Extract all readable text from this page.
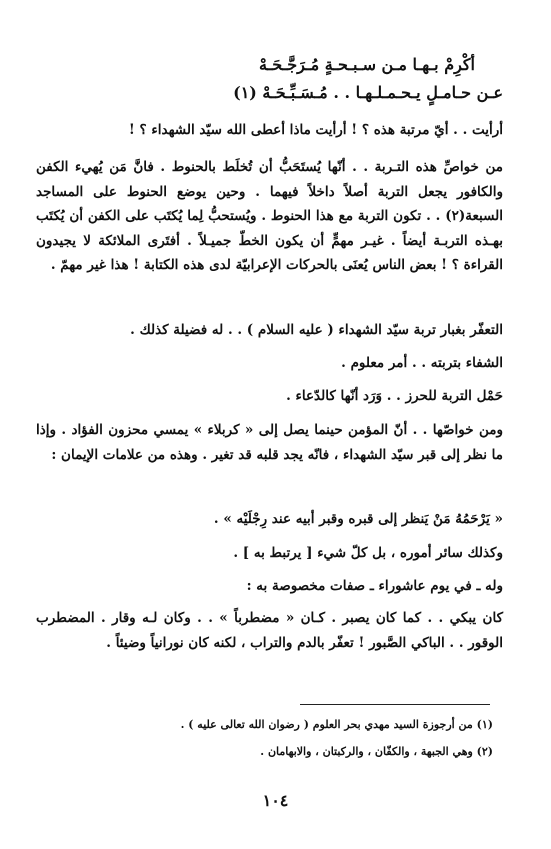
أكْرِمْ بـهـا مـن سـبـحـةٍ مُـرَجَّـحَـهْ
عـن حـامـلٍ يـحـمـلـهـا . . مُـسَـبِّـحَـهْ (١)
أرأيت . . أيّ مرتبة هذه ؟ ! أرأيت ماذا أعطى الله سيّد الشهداء ؟ !
من خواصِّ هذه التـربة . . أنّها يُستَحَبُّ أن تُخلَط بالحنوط . فانَّ مَن يُهيء الكفن والكافور يجعل التربة أصلاً داخلاً فيهما . وحين يوضع الحنوط على المساجد السبعة(٢) . . تكون التربة مع هذا الحنوط . ويُستحبُّ لِما يُكتَب على الكفن أن يُكتَب بهـذه التربـة أيضاً . غيـر مهمٍّ أن يكون الخطّ جميـلاً . أفتَرى الملائكة لا يجيدون القراءة ؟ ! بعض الناس يُعنَى بالحركات الإعرابيّة لدى هذه الكتابة ! هذا غير مهمّ .
التعفّر بغبار تربة سيّد الشهداء ( عليه السلام ) . . له فضيلة كذلك .
الشفاء بتربته . . أمر معلوم .
حَمْل التربة للحرز . . وَرَد أنّها كالدّعاء .
ومن خواصّها . . أنّ المؤمن حينما يصل إلى « كربلاء » يمسي محزون الفؤاد . وإذا ما نظر إلى قبر سيّد الشهداء ، فانّه يجد قلبه قد تغير . وهذه من علامات الإيمان :
« يَرْحَمُهُ مَنْ يَنظر إلى قبره وقبر أبيه عند رِجْلَيْه » .
وكذلك سائر أموره ، بل كلّ شيء [ يرتبط به ] .
وله ـ في يوم عاشوراء ـ صفات مخصوصة به :
كان يبكي . . كما كان يصبر . كـان « مضطرباً » . . وكان لـه وقار . المضطرب الوقور . . الباكي الصَّبور ! تعفّر بالدم والتراب ، لكنه كان نورانياً وضيئاً .
(١) من أرجوزة السيد مهدي بحر العلوم ( رضوان الله تعالى عليه ) .
(٢) وهي الجبهة ، والكفّان ، والركبتان ، والابهامان .
١٠٤
